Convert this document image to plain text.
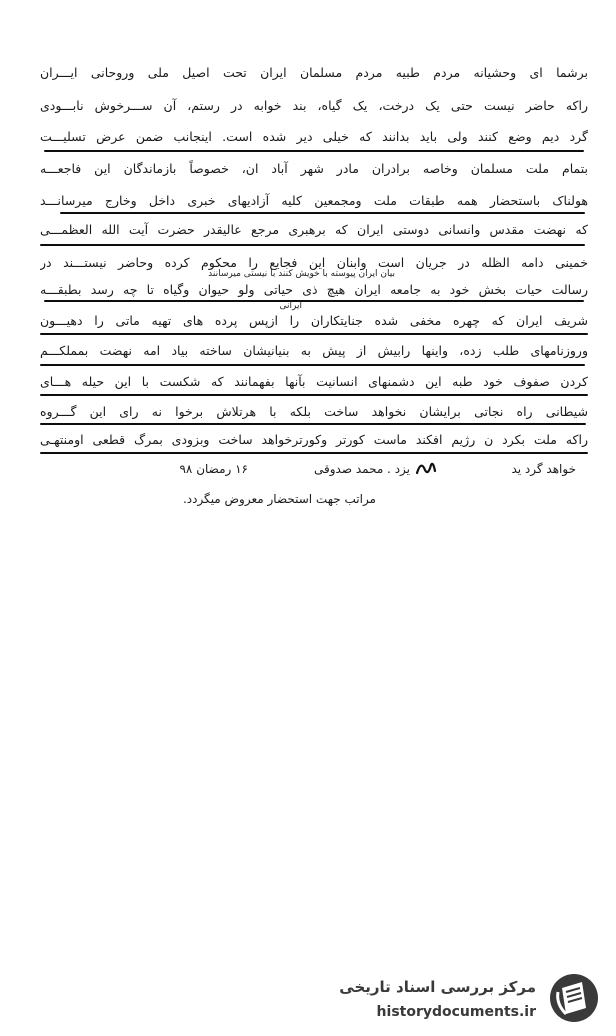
برشما ای وحشیانه مردم طبیه مردم مسلمان ایران تحت اصیل ملی وروحانی ایـــران
راکه حاضر نیست حتی یک درخت، یک گیاه، بند خوابه در رستم، آن ســـرخوش نابـــودی
گرد دیم وضع کنند ولی باید بدانند که خیلی دیر شده است. اینجانب ضمن عرض تسلیـــت
بتمام ملت مسلمان وخاصه برادران مادر شهر آباد ان، خصوصاً بازماندگان این فاجعـــه
هولناک باستحضار همه طبقات ملت ومجمعین کلیه آزادیهای خبری داخل وخارج میرسانـــد
که نهضت مقدس وانسانی دوستی ایران که برهبری مرجع عالیقدر حضرت آیت الله العظمـــی
خمینی دامه الظله در جریان است وابنان این فجایع را محکوم کرده وحاضر نیستـــند در
بیان ایران پیوسته با خویش کنند با نیستی میرسانند
رسالت حیات بخش خود به جامعه ایران هیچ ذی حیاتی ولو حیوان وگیاه تا چه رسد بطبقـــه
ایرانی
شریف ایران که چهره مخفی شده جنایتکاران را ازپس پرده های تهیه ماتی را دهیـــون
وروزنامهای طلب زده، واینها رابیش از پیش به بنیانیشان ساخته بیاد امه نهضت بمملکـــم
کردن صفوف خود طبه این دشمنهای انسانیت بآنها بفهمانند که شکست با این حیله هـــای
شیطانی راه نجاتی برایشان نخواهد ساخت بلکه با هرتلاش برخوا نه رای این گـــروه
راکه ملت بکرد ن رژیم افکند ماست کورتر وکورترخواهد ساخت وبزودی بمرگ قطعی اومنتهـی
خواهد گرد ید
یزد . محمد صدوقی
۱۶ رمضان ۹۸
مراتب جهت استحضار معروض میگردد.
مرکز بررسی اسناد تاریخی
historydocuments.ir
